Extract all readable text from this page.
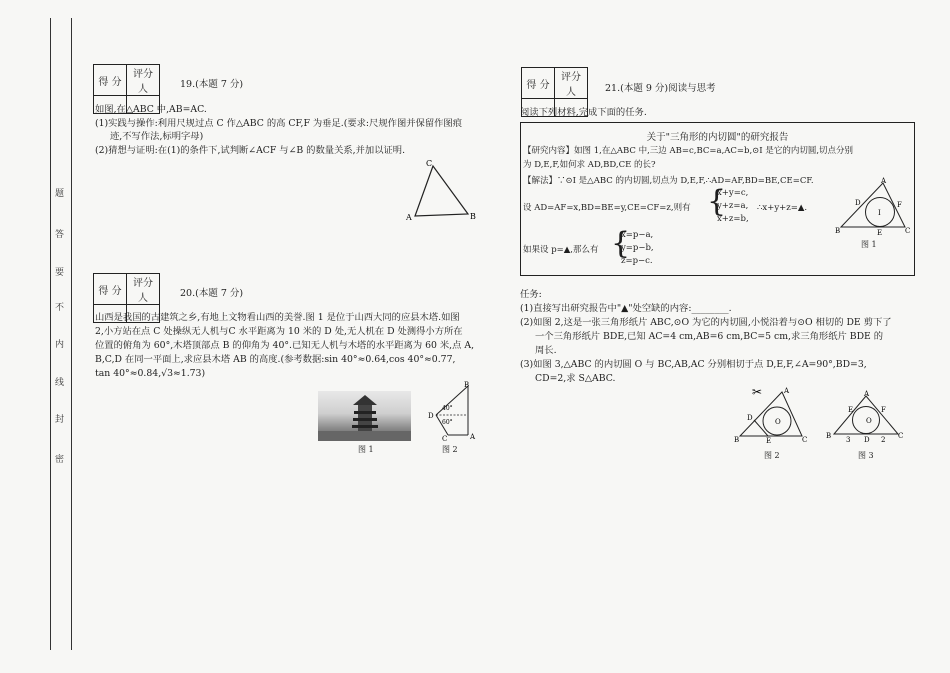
题
答
要
不
内
线
封
密
得 分	评分人
		19.(本题 7 分)
如图,在△ABC 中,AB=AC.
(1)实践与操作:利用尺规过点 C 作△ABC 的高 CF,F 为垂足.(要求:尺规作图并保留作图痕
迹,不写作法,标明字母)
(2)猜想与证明:在(1)的条件下,试判断∠ACF 与∠B 的数量关系,并加以证明.
C
A	B
得 分	评分人
		20.(本题 7 分)
山西是我国的古建筑之乡,有地上文物看山西的美誉.图 1 是位于山西大同的应县木塔.如图
2,小方站在点 C 处操纵无人机与C 水平距离为 10 米的 D 处,无人机在 D 处测得小方所在
位置的俯角为 60°,木塔顶部点 B 的仰角为 40°.已知无人机与木塔的水平距离为 60 米,点 A,
B,C,D 在同一平面上,求应县木塔 AB 的高度.(参考数据:sin 40°≈0.64,cos 40°≈0.77,
tan 40°≈0.84,√3≈1.73)
图 1
B
D
A
C
40°
60°
图 2
得 分	评分人
		21.(本题 9 分)阅读与思考
阅读下列材料,完成下面的任务.
关于"三角形的内切圆"的研究报告
【研究内容】如图 1,在△ABC 中,三边 AB=c,BC=a,AC=b,⊙I 是它的内切圆,切点分别
为 D,E,F,如何求 AD,BD,CE 的长?
【解法】∵⊙I 是△ABC 的内切圆,切点为 D,E,F,∴AD=AF,BD=BE,CE=CF.
设 AD=AF=x,BD=BE=y,CE=CF=z,则有 {
x+y=c,
y+z=a,
x+z=b,
∴x+y+z=▲.
如果设 p=▲,那么有 {
x=p−a,
y=p−b,
z=p−c.
A
B	C
D
E
F
I
图 1
任务:
(1)直接写出研究报告中"▲"处空缺的内容:________.
(2)如图 2,这是一张三角形纸片 ABC,⊙O 为它的内切圆,小悦沿着与⊙O 相切的 DE 剪下了
一个三角形纸片 BDE,已知 AC=4 cm,AB=6 cm,BC=5 cm,求三角形纸片 BDE 的
周长.
(3)如图 3,△ABC 的内切圆 O 与 BC,AB,AC 分别相切于点 D,E,F,∠A=90°,BD=3,
CD=2,求 S△ABC.
✂	A
B	C
D
E
O
图 2
A
B	C
E	F
D
O
3	2
图 3
